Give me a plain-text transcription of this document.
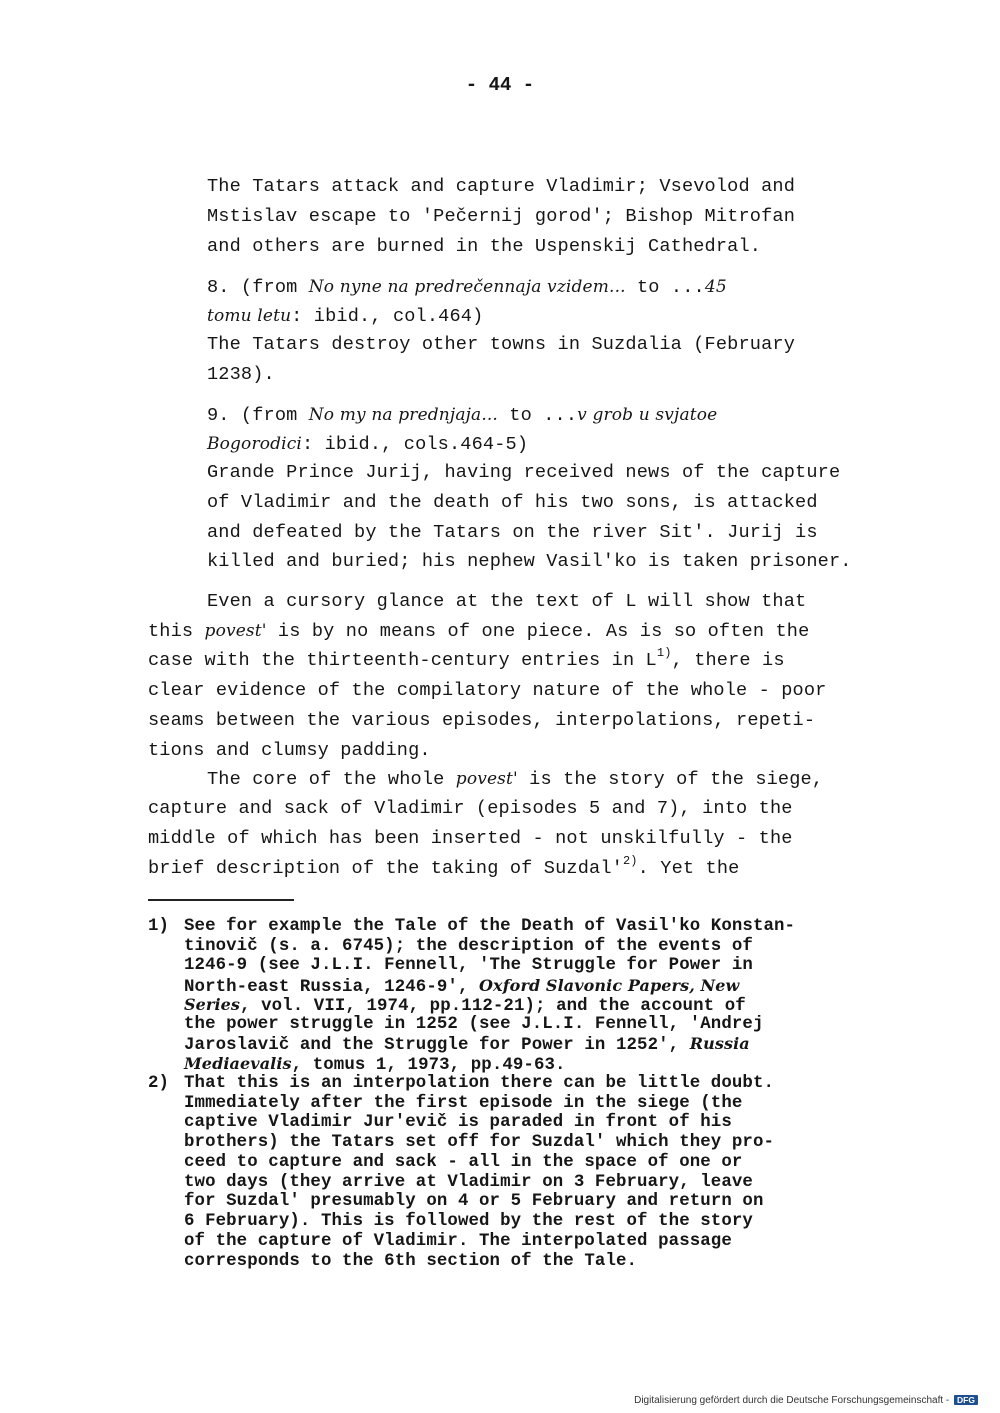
- 44 -
The Tatars attack and capture Vladimir; Vsevolod and
Mstislav escape to 'Pečernij gorod'; Bishop Mitrofan
and others are burned in the Uspenskij Cathedral.
8. (from No nyne na predrečennaja vzidem... to ...45
tomu letu: ibid., col.464)
The Tatars destroy other towns in Suzdalia (February
1238).
9. (from No my na prednjaja... to ...v grob u svjatoe
Bogorodici: ibid., cols.464-5)
Grande Prince Jurij, having received news of the capture
of Vladimir and the death of his two sons, is attacked
and defeated by the Tatars on the river Sit'. Jurij is
killed and buried; his nephew Vasil'ko is taken prisoner.
Even a cursory glance at the text of L will show that
this povest' is by no means of one piece. As is so often the
case with the thirteenth-century entries in $L^{1)}$, there is
clear evidence of the compilatory nature of the whole - poor
seams between the various episodes, interpolations, repeti-
tions and clumsy padding.
The core of the whole povest' is the story of the siege,
capture and sack of Vladimir (episodes 5 and 7), into the
middle of which has been inserted - not unskilfully - the
brief description of the taking of $Suzdal'^{2)}$. Yet the
1) See for example the Tale of the Death of Vasil'ko Konstan-
tinovič (s. a. 6745); the description of the events of
1246-9 (see J.L.I. Fennell, 'The Struggle for Power in
North-east Russia, 1246-9', Oxford Slavonic Papers, New
Series, vol. VII, 1974, pp.112-21); and the account of
the power struggle in 1252 (see J.L.I. Fennell, 'Andrej
Jaroslavič and the Struggle for Power in 1252', Russia
Mediaevalis, tomus 1, 1973, pp.49-63.
2) That this is an interpolation there can be little doubt.
Immediately after the first episode in the siege (the
captive Vladimir Jur'evič is paraded in front of his
brothers) the Tatars set off for Suzdal' which they pro-
ceed to capture and sack - all in the space of one or
two days (they arrive at Vladimir on 3 February, leave
for Suzdal' presumably on 4 or 5 February and return on
6 February). This is followed by the rest of the story
of the capture of Vladimir. The interpolated passage
corresponds to the 6th section of the Tale.
Digitalisierung gefördert durch die Deutsche Forschungsgemeinschaft - DFG
